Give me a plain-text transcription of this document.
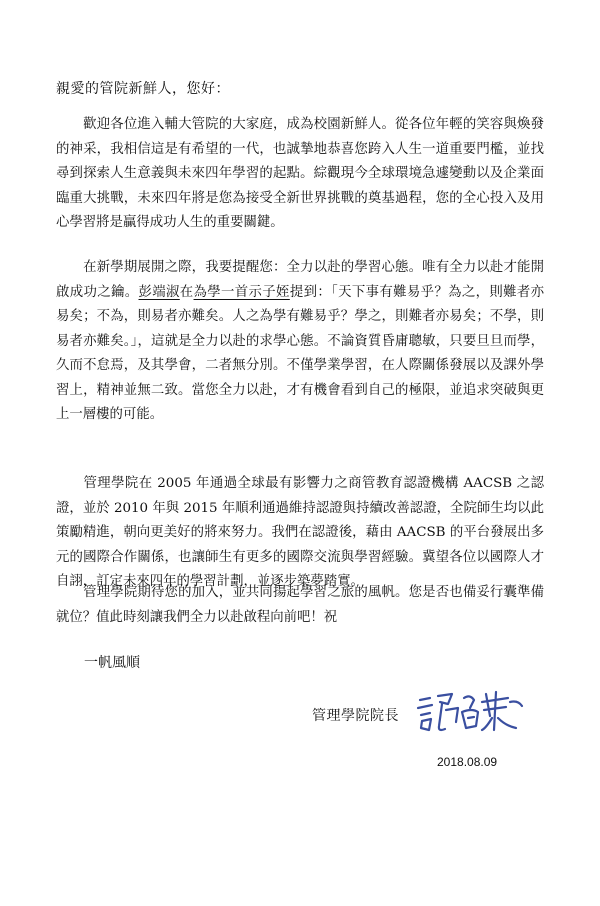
親愛的管院新鮮人，您好：

歡迎各位進入輔大管院的大家庭，成為校園新鮮人。從各位年輕的笑容與煥發的神采，我相信這是有希望的一代，也誠摯地恭喜您跨入人生一道重要門檻，並找尋到探索人生意義與未來四年學習的起點。綜觀現今全球環境急遽變動以及企業面臨重大挑戰，未來四年將是您為接受全新世界挑戰的奠基過程，您的全心投入及用心學習將是贏得成功人生的重要關鍵。

在新學期展開之際，我要提醒您：全力以赴的學習心態。唯有全力以赴才能開啟成功之鑰。彭端淑在為學一首示子姪提到：「天下事有難易乎？為之，則難者亦易矣；不為，則易者亦難矣。人之為學有難易乎？學之，則難者亦易矣；不學，則易者亦難矣。」，這就是全力以赴的求學心態。不論資質昏庸聰敏，只要旦旦而學，久而不怠焉，及其學會，二者無分別。不僅學業學習，在人際關係發展以及課外學習上，精神並無二致。當您全力以赴，才有機會看到自己的極限，並追求突破與更上一層樓的可能。

管理學院在 2005 年通過全球最有影響力之商管教育認證機構 AACSB 之認證，並於 2010 年與 2015 年順利通過維持認證與持續改善認證，全院師生均以此策勵精進，朝向更美好的將來努力。我們在認證後，藉由 AACSB 的平台發展出多元的國際合作關係，也讓師生有更多的國際交流與學習經驗。冀望各位以國際人才自詡，訂定未來四年的學習計劃，並逐步築夢踏實。

管理學院期待您的加入，並共同揚起學習之旅的風帆。您是否也備妥行囊準備就位？值此時刻讓我們全力以赴啟程向前吧！祝

一帆風順
管理學院院長
2018.08.09
